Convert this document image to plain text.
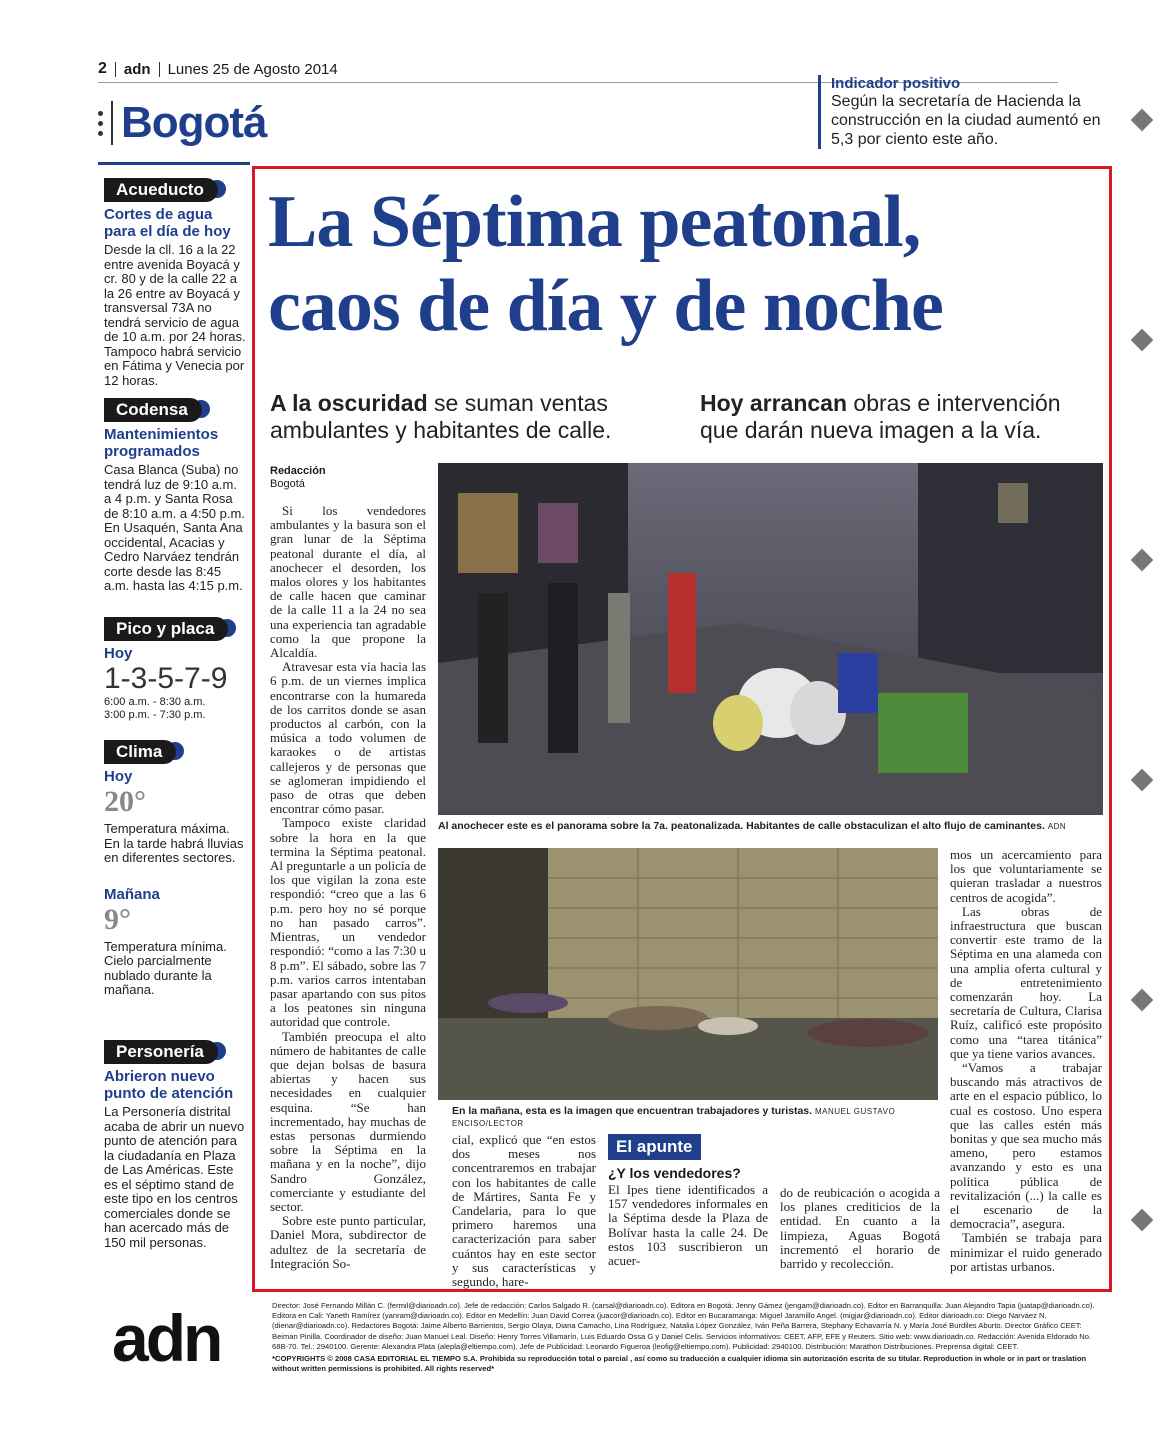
2 adn Lunes 25 de Agosto 2014
Bogotá
Indicador positivo
Según la secretaría de Hacienda la construcción en la ciudad aumentó en 5,3 por ciento este año.
Acueducto
Cortes de agua para el día de hoy
Desde la cll. 16 a la 22 entre avenida Boyacá y cr. 80 y de la calle 22 a la 26 entre av Boyacá y transversal 73A no tendrá servicio de agua de 10 a.m. por 24 horas. Tampoco habrá servicio en Fátima y Venecia por 12 horas.
Codensa
Mantenimientos programados
Casa Blanca (Suba) no tendrá luz de 9:10 a.m. a 4 p.m. y Santa Rosa de 8:10 a.m. a 4:50 p.m. En Usaquén, Santa Ana occidental, Acacias y Cedro Narváez tendrán corte desde las 8:45 a.m. hasta las 4:15 p.m.
Pico y placa
Hoy
1-3-5-7-9
6:00 a.m. - 8:30 a.m.
3:00 p.m. - 7:30 p.m.
Clima
Hoy
20°
Temperatura máxima. En la tarde habrá lluvias en diferentes sectores.
Mañana
9°
Temperatura mínima. Cielo parcialmente nublado durante la mañana.
Personería
Abrieron nuevo punto de atención
La Personería distrital acaba de abrir un nuevo punto de atención para la ciudadanía en Plaza de Las Américas. Este es el séptimo stand de este tipo en los centros comerciales donde se han acercado más de 150 mil personas.
La Séptima peatonal,
caos de día y de noche
A la oscuridad se suman ventas ambulantes y habitantes de calle.
Hoy arrancan obras e intervención que darán nueva imagen a la vía.
Redacción
Bogotá

Si los vendedores ambulantes y la basura son el gran lunar de la Séptima peatonal durante el día, al anochecer el desorden, los malos olores y los habitantes de calle hacen que caminar de la calle 11 a la 24 no sea una experiencia tan agradable como la que propone la Alcaldía.

Atravesar esta vía hacia las 6 p.m. de un viernes implica encontrarse con la humareda de los carritos donde se asan productos al carbón, con la música a todo volumen de karaokes o de artistas callejeros y de personas que se aglomeran impidiendo el paso de otras que deben encontrar cómo pasar.

Tampoco existe claridad sobre la hora en la que termina la Séptima peatonal. Al preguntarle a un policía de los que vigilan la zona este respondió: “creo que a las 6 p.m. pero hoy no sé porque no han pasado carros”. Mientras, un vendedor respondió: “como a las 7:30 u 8 p.m”. El sábado, sobre las 7 p.m. varios carros intentaban pasar apartando con sus pitos a los peatones sin ninguna autoridad que controle.

También preocupa el alto número de habitantes de calle que dejan bolsas de basura abiertas y hacen sus necesidades en cualquier esquina. “Se han incrementado, hay muchas de estas personas durmiendo sobre la Séptima en la mañana y en la noche”, dijo Sandro González, comerciante y estudiante del sector.

Sobre este punto particular, Daniel Mora, subdirector de adultez de la secretaría de Integración So-

Al anochecer este es el panorama sobre la 7a. peatonalizada. Habitantes de calle obstaculizan el alto flujo de caminantes. ADN
En la mañana, esta es la imagen que encuentran trabajadores y turistas. MANUEL GUSTAVO ENCISO/LECTOR

cial, explicó que “en estos dos meses nos concentraremos en trabajar con los habitantes de calle de Mártires, Santa Fe y Candelaria, para lo que primero haremos una caracterización para saber cuántos hay en este sector y sus características y segundo, hare-

El apunte
¿Y los vendedores?

El Ipes tiene identificados a 157 vendedores informales en la Séptima desde la Plaza de Bolívar hasta la calle 24. De estos 103 suscribieron un acuer-

do de reubicación o acogida a los planes crediticios de la entidad. En cuanto a la limpieza, Aguas Bogotá incrementó el horario de barrido y recolección.

mos un acercamiento para los que voluntariamente se quieran trasladar a nuestros centros de acogida”.

Las obras de infraestructura que buscan convertir este tramo de la Séptima en una alameda con una amplia oferta cultural y de entretenimiento comenzarán hoy. La secretaría de Cultura, Clarisa Ruíz, calificó este propósito como una “tarea titánica” que ya tiene varios avances.

“Vamos a trabajar buscando más atractivos de arte en el espacio público, lo cual es costoso. Uno espera que las calles estén más bonitas y que sea mucho más ameno, pero estamos avanzando y esto es una política pública de revitalización (...) la calle es el escenario de la democracia”, asegura.

También se trabaja para minimizar el ruido generado por artistas urbanos.

adn	Director: José Fernando Millán C. (fermil@diarioadn.co). Jefe de redacción: Carlos Salgado R. (carsal@diarioadn.co). Editora en Bogotá: Jenny Gámez (jengam@diarioadn.co). Editor en Barranquilla: Juan Alejandro Tapia (juatap@diarioadn.co). Editora en Cali: Yaneth Ramírez (yanram@diarioadn.co). Editor en Medellín: Juan David Correa (juacor@diarioadn.co). Editor en Bucaramanga: Miguel Jaramillo Angel. (migjar@diarioadn.co). Editor diarioadn.co: Diego Narváez N. (dienar@diarioadn.co). Redactores Bogotá: Jaime Alberto Barrientos, Sergio Olaya, Diana Camacho, Lina Rodríguez, Natalia López González, Iván Peña Barrera, Stephany Echavarría N. y María José Burdiles Aburto. Director Gráfico CEET: Beiman Pinilla. Coordinador de diseño: Juan Manuel Leal. Diseño: Henry Torres Villamarín, Luis Eduardo Ossa G y Daniel Celis. Servicios informativos: CEET, AFP, EFE y Reuters. Sitio web: www.diarioadn.co. Redacción: Avenida Eldorado No. 68B-70. Tel.: 2940100. Gerente: Alexandra Plata (alepla@eltiempo.com). Jefe de Publicidad: Leonardo Figueroa (leofig@eltiempo.com). Publicidad: 2940100. Distribución: Marathon Distribuciones. Preprensa digital: CEET.
*COPYRIGHTS © 2008 CASA EDITORIAL EL TIEMPO S.A. Prohibida su reproducción total o parcial , así como su traducción a cualquier idioma sin autorización escrita de su titular. Reproduction in whole or in part or traslation without written permissions is prohibited. All rights reserved*
